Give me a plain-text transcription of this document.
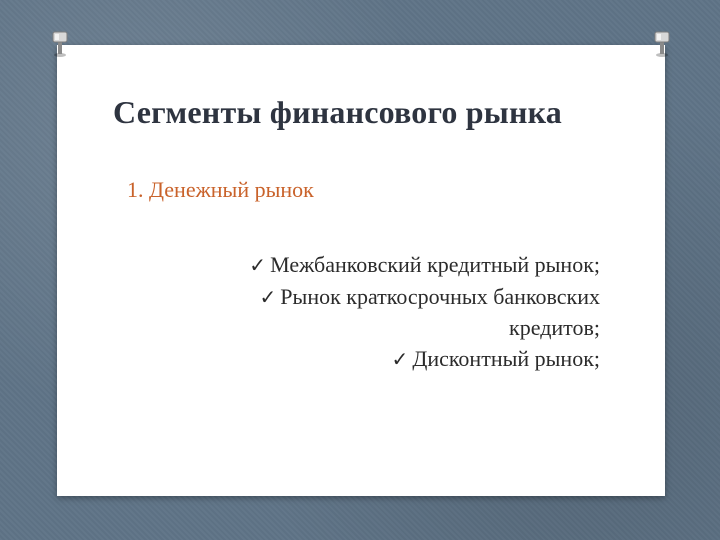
Сегменты финансового рынка
1. Денежный рынок
✓ Межбанковский кредитный рынок;
✓ Рынок краткосрочных банковских
кредитов;
✓ Дисконтный рынок;
